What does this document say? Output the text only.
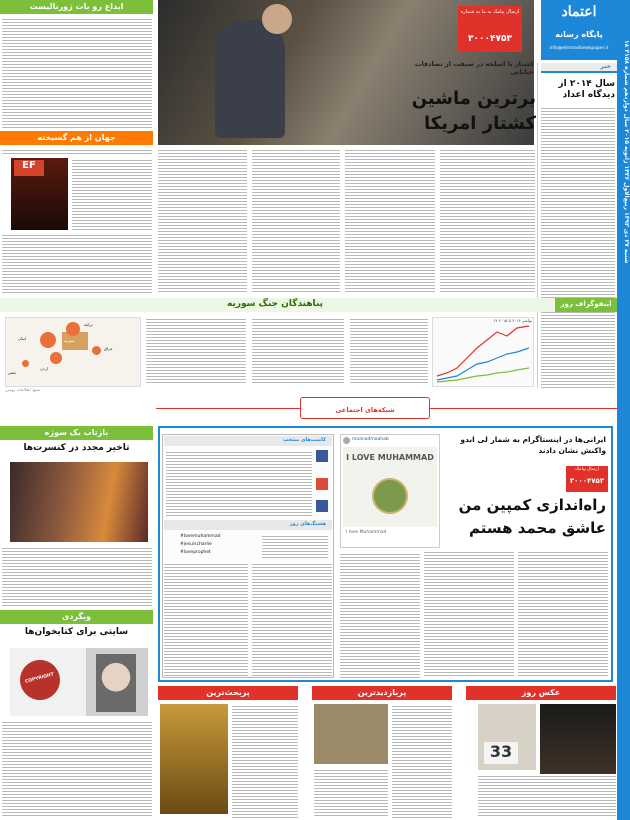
۱۸ شنبه ۲۷ دی ۱۳۹۳ ربیع‌الاول ۱۴۳۶ ژانویه ۲۰۱۵ سال دوازدهم شماره ۳۱۵۸
اعتماد
پایگاه رسانه
info@etemadnewspaper.ir
خبر
سال ۲۰۱۴ از دیدگاه اعداد
ارسال پیامک به ما به شماره
۳۰۰۰۴۷۵۳
کشتار با اسلحه در سبقت از تصادفات خیابانی
برترین ماشین کشتار امریکا
ابداع رو بات ژورنالیست
جهان از هم گسیخته
EF
اینفوگراف روز
پناهندگان جنگ سوریه
ترکیه
لبنان
اردن
عراق
مصر
سوریه
۱۲ نوامبر ۲۰۱۴ تا ۲۰۱۵
منبع: اطلاعات رویترز
شبکه‌های اجتماعی
ایرانی‌ها در اینستاگرام به شمار لی ابدو واکنش نشان دادند
ارسال پیامک
۳۰۰۰۴۷۵۳
راه‌اندازی کمپین من عاشق محمد هستم
moanadmoahab
I LOVE MUHAMMAD
I love Muhammad
کامنت‌های منتخب
هشتگ‌های روز
#lovemuhammad
#jesuischarlie
#loveprophet
بازتاب یک سوژه
تاخیر مجدد در کنسرت‌ها
وبگردی
سایتی برای کتابخوان‌ها
COPYRIGHT
پربحث‌ترین	پربازدیدترین	عکس روز
33
